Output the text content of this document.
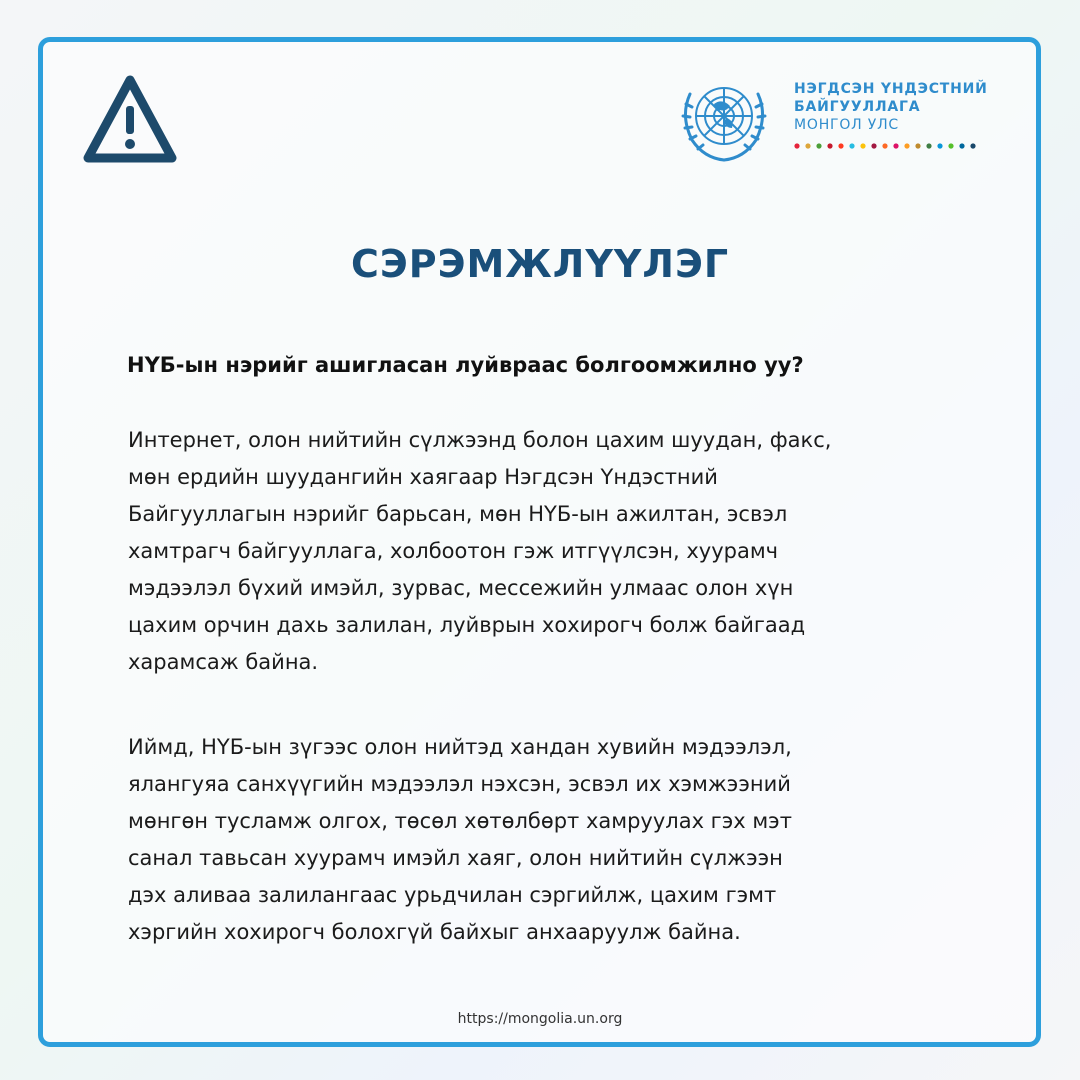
НЭГДСЭН ҮНДЭСТНИЙ
БАЙГУУЛЛАГА
МОНГОЛ УЛС
СЭРЭМЖЛҮҮЛЭГ

НҮБ-ын нэрийг ашигласан луйвраас болгоомжилно уу?

Интернет, олон нийтийн сүлжээнд болон цахим шуудан, факс,
мөн ердийн шуудангийн хаягаар Нэгдсэн Үндэстний
Байгууллагын нэрийг барьсан, мөн НҮБ-ын ажилтан, эсвэл
хамтрагч байгууллага, холбоотон гэж итгүүлсэн, хуурамч
мэдээлэл бүхий имэйл, зурвас, мессежийн улмаас олон хүн
цахим орчин дахь залилан, луйврын хохирогч болж байгаад
харамсаж байна.

Иймд, НҮБ-ын зүгээс олон нийтэд хандан хувийн мэдээлэл,
ялангуяа санхүүгийн мэдээлэл нэхсэн, эсвэл их хэмжээний
мөнгөн тусламж олгох, төсөл хөтөлбөрт хамруулах гэх мэт
санал тавьсан хуурамч имэйл хаяг, олон нийтийн сүлжээн
дэх аливаа залилангаас урьдчилан сэргийлж, цахим гэмт
хэргийн хохирогч болохгүй байхыг анхааруулж байна.

https://mongolia.un.org
